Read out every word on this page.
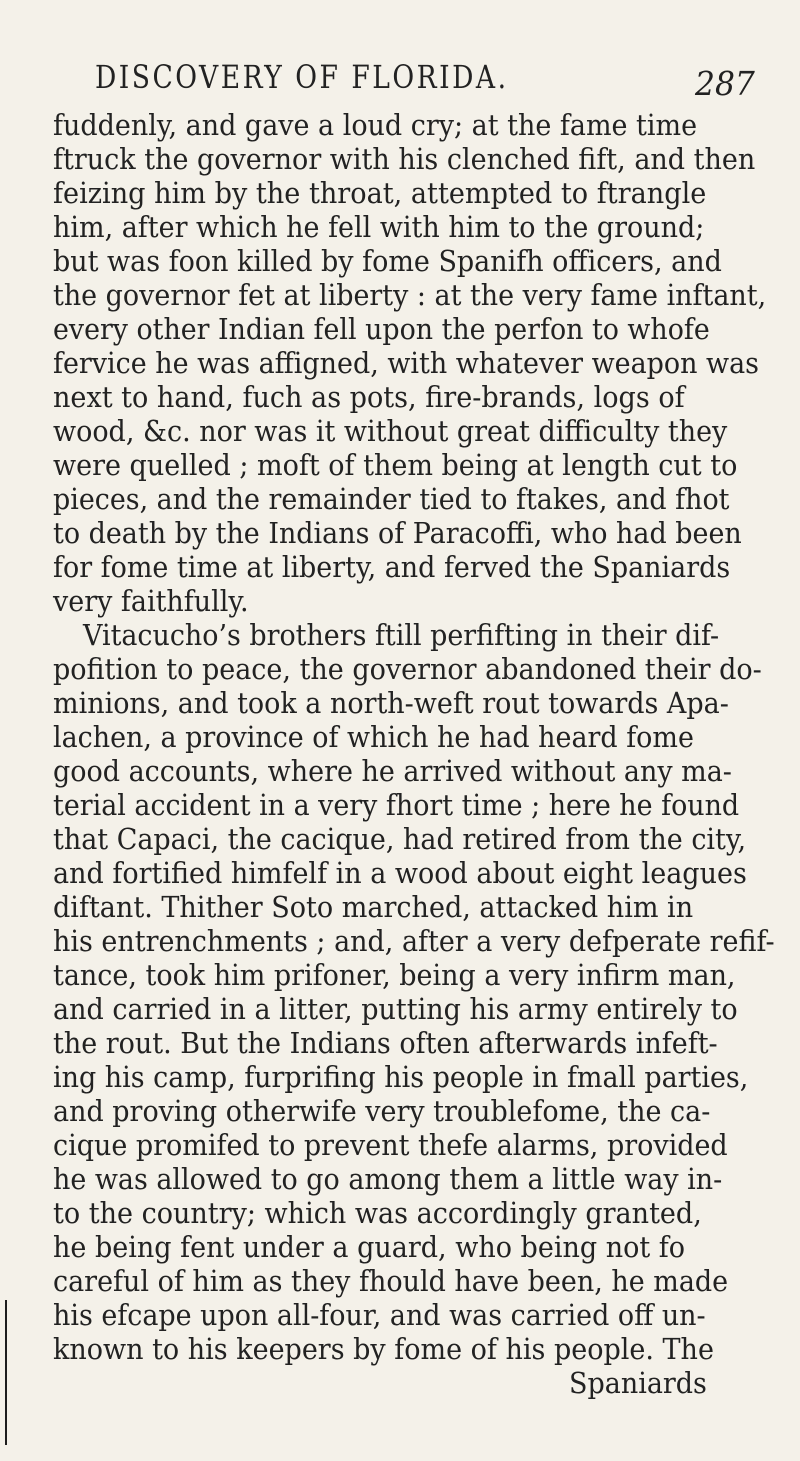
DISCOVERY OF FLORIDA.	287
fuddenly, and gave a loud cry; at the fame time
ftruck the governor with his clenched fift, and then
feizing him by the throat, attempted to ftrangle
him, after which he fell with him to the ground;
but was foon killed by fome Spanifh officers, and
the governor fet at liberty : at the very fame inftant,
every other Indian fell upon the perfon to whofe
fervice he was affigned, with whatever weapon was
next to hand, fuch as pots, fire-brands, logs of
wood, &c. nor was it without great difficulty they
were quelled ; moft of them being at length cut to
pieces, and the remainder tied to ftakes, and fhot
to death by the Indians of Paracoffi, who had been
for fome time at liberty, and ferved the Spaniards
very faithfully.
Vitacucho’s brothers ftill perfifting in their dif-
pofition to peace, the governor abandoned their do-
minions, and took a north-weft rout towards Apa-
lachen, a province of which he had heard fome
good accounts, where he arrived without any ma-
terial accident in a very fhort time ; here he found
that Capaci, the cacique, had retired from the city,
and fortified himfelf in a wood about eight leagues
diftant. Thither Soto marched, attacked him in
his entrenchments ; and, after a very defperate refif-
tance, took him prifoner, being a very infirm man,
and carried in a litter, putting his army entirely to
the rout. But the Indians often afterwards infeft-
ing his camp, furprifing his people in fmall parties,
and proving otherwife very troublefome, the ca-
cique promifed to prevent thefe alarms, provided
he was allowed to go among them a little way in-
to the country; which was accordingly granted,
he being fent under a guard, who being not fo
careful of him as they fhould have been, he made
his efcape upon all-four, and was carried off un-
known to his keepers by fome of his people. The
Spaniards
